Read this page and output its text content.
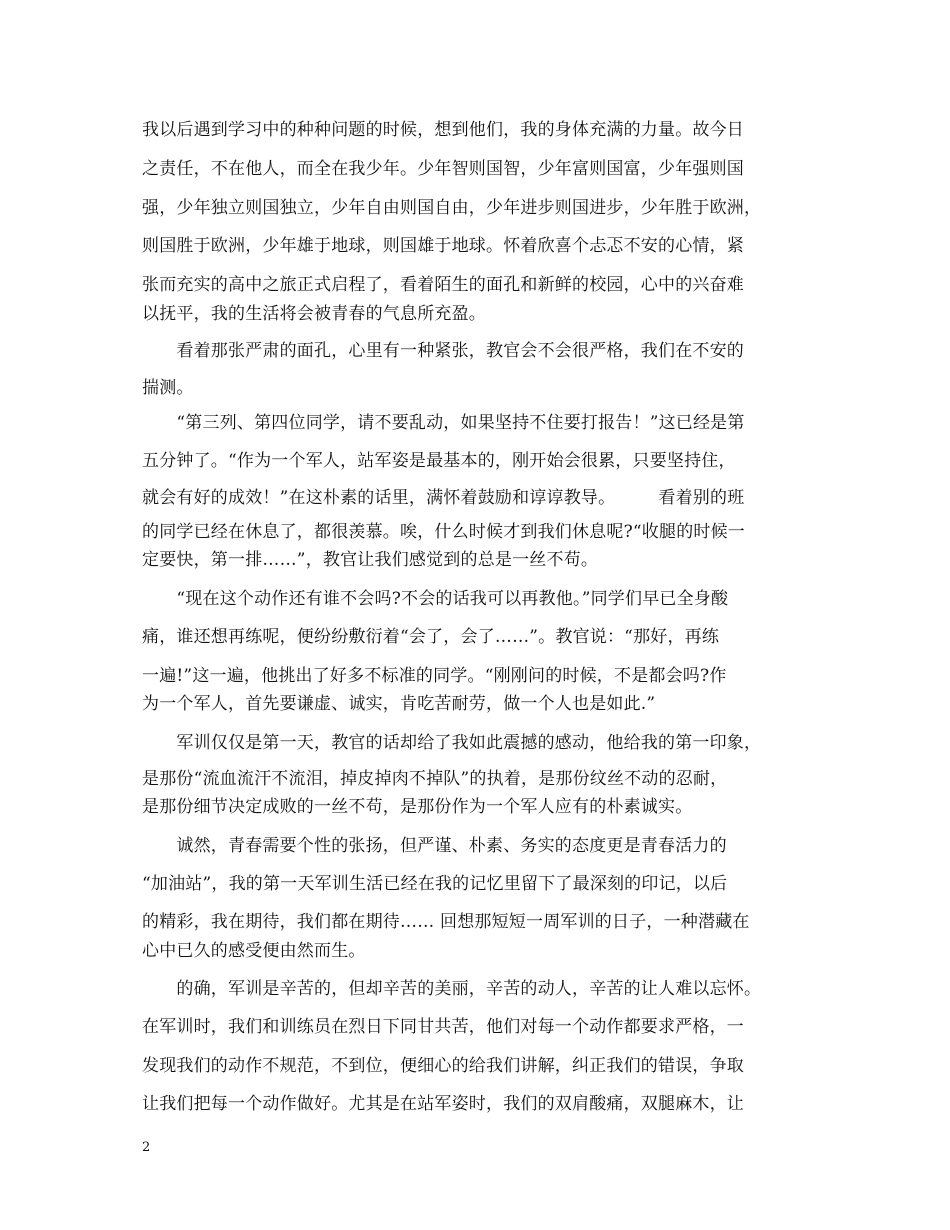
我以后遇到学习中的种种问题的时候，想到他们，我的身体充满的力量。故今日
之责任，不在他人，而全在我少年。少年智则国智，少年富则国富，少年强则国
强，少年独立则国独立，少年自由则国自由，少年进步则国进步，少年胜于欧洲，
则国胜于欧洲，少年雄于地球，则国雄于地球。怀着欣喜个忐忑不安的心情，紧
张而充实的高中之旅正式启程了，看着陌生的面孔和新鲜的校园，心中的兴奋难
以抚平，我的生活将会被青春的气息所充盈。
　　看着那张严肃的面孔，心里有一种紧张，教官会不会很严格，我们在不安的
揣测。
　　“第三列、第四位同学，请不要乱动，如果坚持不住要打报告！”这已经是第
五分钟了。“作为一个军人，站军姿是最基本的，刚开始会很累，只要坚持住，
就会有好的成效！”在这朴素的话里，满怀着鼓励和谆谆教导。　　　看着别的班
的同学已经在休息了，都很羡慕。唉，什么时候才到我们休息呢?“收腿的时候一
定要快，第一排……”，教官让我们感觉到的总是一丝不苟。
　　“现在这个动作还有谁不会吗?不会的话我可以再教他。”同学们早已全身酸
痛，谁还想再练呢，便纷纷敷衍着“会了，会了……”。教官说：“那好，再练
一遍!”这一遍，他挑出了好多不标准的同学。“刚刚问的时候，不是都会吗?作
为一个军人，首先要谦虚、诚实，肯吃苦耐劳，做一个人也是如此.”
　　军训仅仅是第一天，教官的话却给了我如此震撼的感动，他给我的第一印象，
是那份“流血流汗不流泪，掉皮掉肉不掉队”的执着，是那份纹丝不动的忍耐，
是那份细节决定成败的一丝不苟，是那份作为一个军人应有的朴素诚实。
　　诚然，青春需要个性的张扬，但严谨、朴素、务实的态度更是青春活力的
“加油站”，我的第一天军训生活已经在我的记忆里留下了最深刻的印记，以后
的精彩，我在期待，我们都在期待…… 回想那短短一周军训的日子，一种潜藏在
心中已久的感受便由然而生。
　　的确，军训是辛苦的，但却辛苦的美丽，辛苦的动人，辛苦的让人难以忘怀。
在军训时，我们和训练员在烈日下同甘共苦，他们对每一个动作都要求严格，一
发现我们的动作不规范，不到位，便细心的给我们讲解，纠正我们的错误，争取
让我们把每一个动作做好。尤其是在站军姿时，我们的双肩酸痛，双腿麻木，让
2
